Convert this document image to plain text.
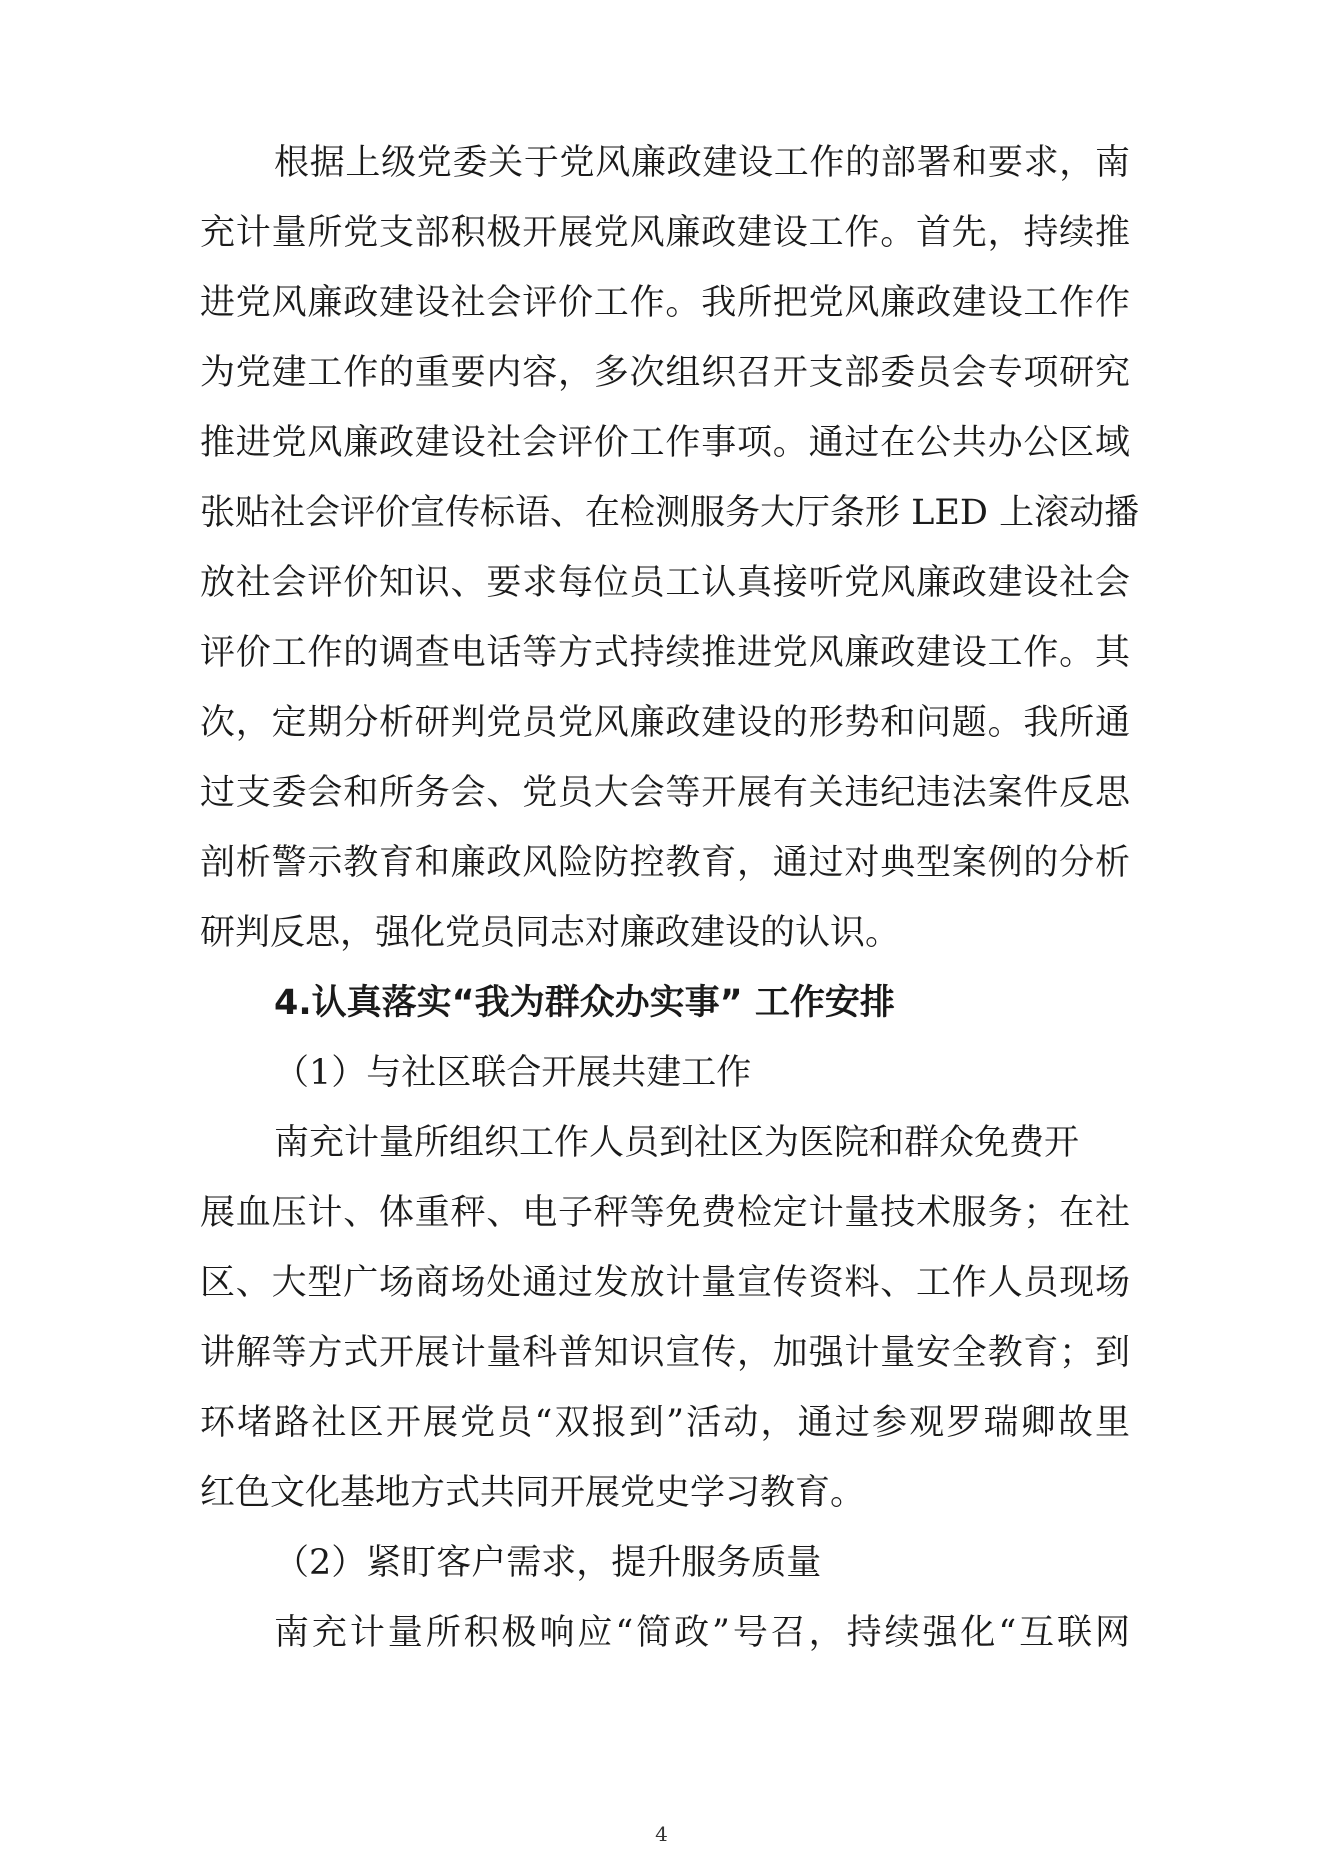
根据上级党委关于党风廉政建设工作的部署和要求，南
充计量所党支部积极开展党风廉政建设工作。首先，持续推
进党风廉政建设社会评价工作。我所把党风廉政建设工作作
为党建工作的重要内容，多次组织召开支部委员会专项研究
推进党风廉政建设社会评价工作事项。通过在公共办公区域
张贴社会评价宣传标语、在检测服务大厅条形 LED 上滚动播
放社会评价知识、要求每位员工认真接听党风廉政建设社会
评价工作的调查电话等方式持续推进党风廉政建设工作。其
次，定期分析研判党员党风廉政建设的形势和问题。我所通
过支委会和所务会、党员大会等开展有关违纪违法案件反思
剖析警示教育和廉政风险防控教育，通过对典型案例的分析
研判反思，强化党员同志对廉政建设的认识。
4.认真落实“我为群众办实事” 工作安排
（1）与社区联合开展共建工作
南充计量所组织工作人员到社区为医院和群众免费开
展血压计、体重秤、电子秤等免费检定计量技术服务；在社
区、大型广场商场处通过发放计量宣传资料、工作人员现场
讲解等方式开展计量科普知识宣传，加强计量安全教育；到
环堵路社区开展党员“双报到”活动，通过参观罗瑞卿故里
红色文化基地方式共同开展党史学习教育。
（2）紧盯客户需求，提升服务质量
南充计量所积极响应“简政”号召，持续强化“互联网
4
